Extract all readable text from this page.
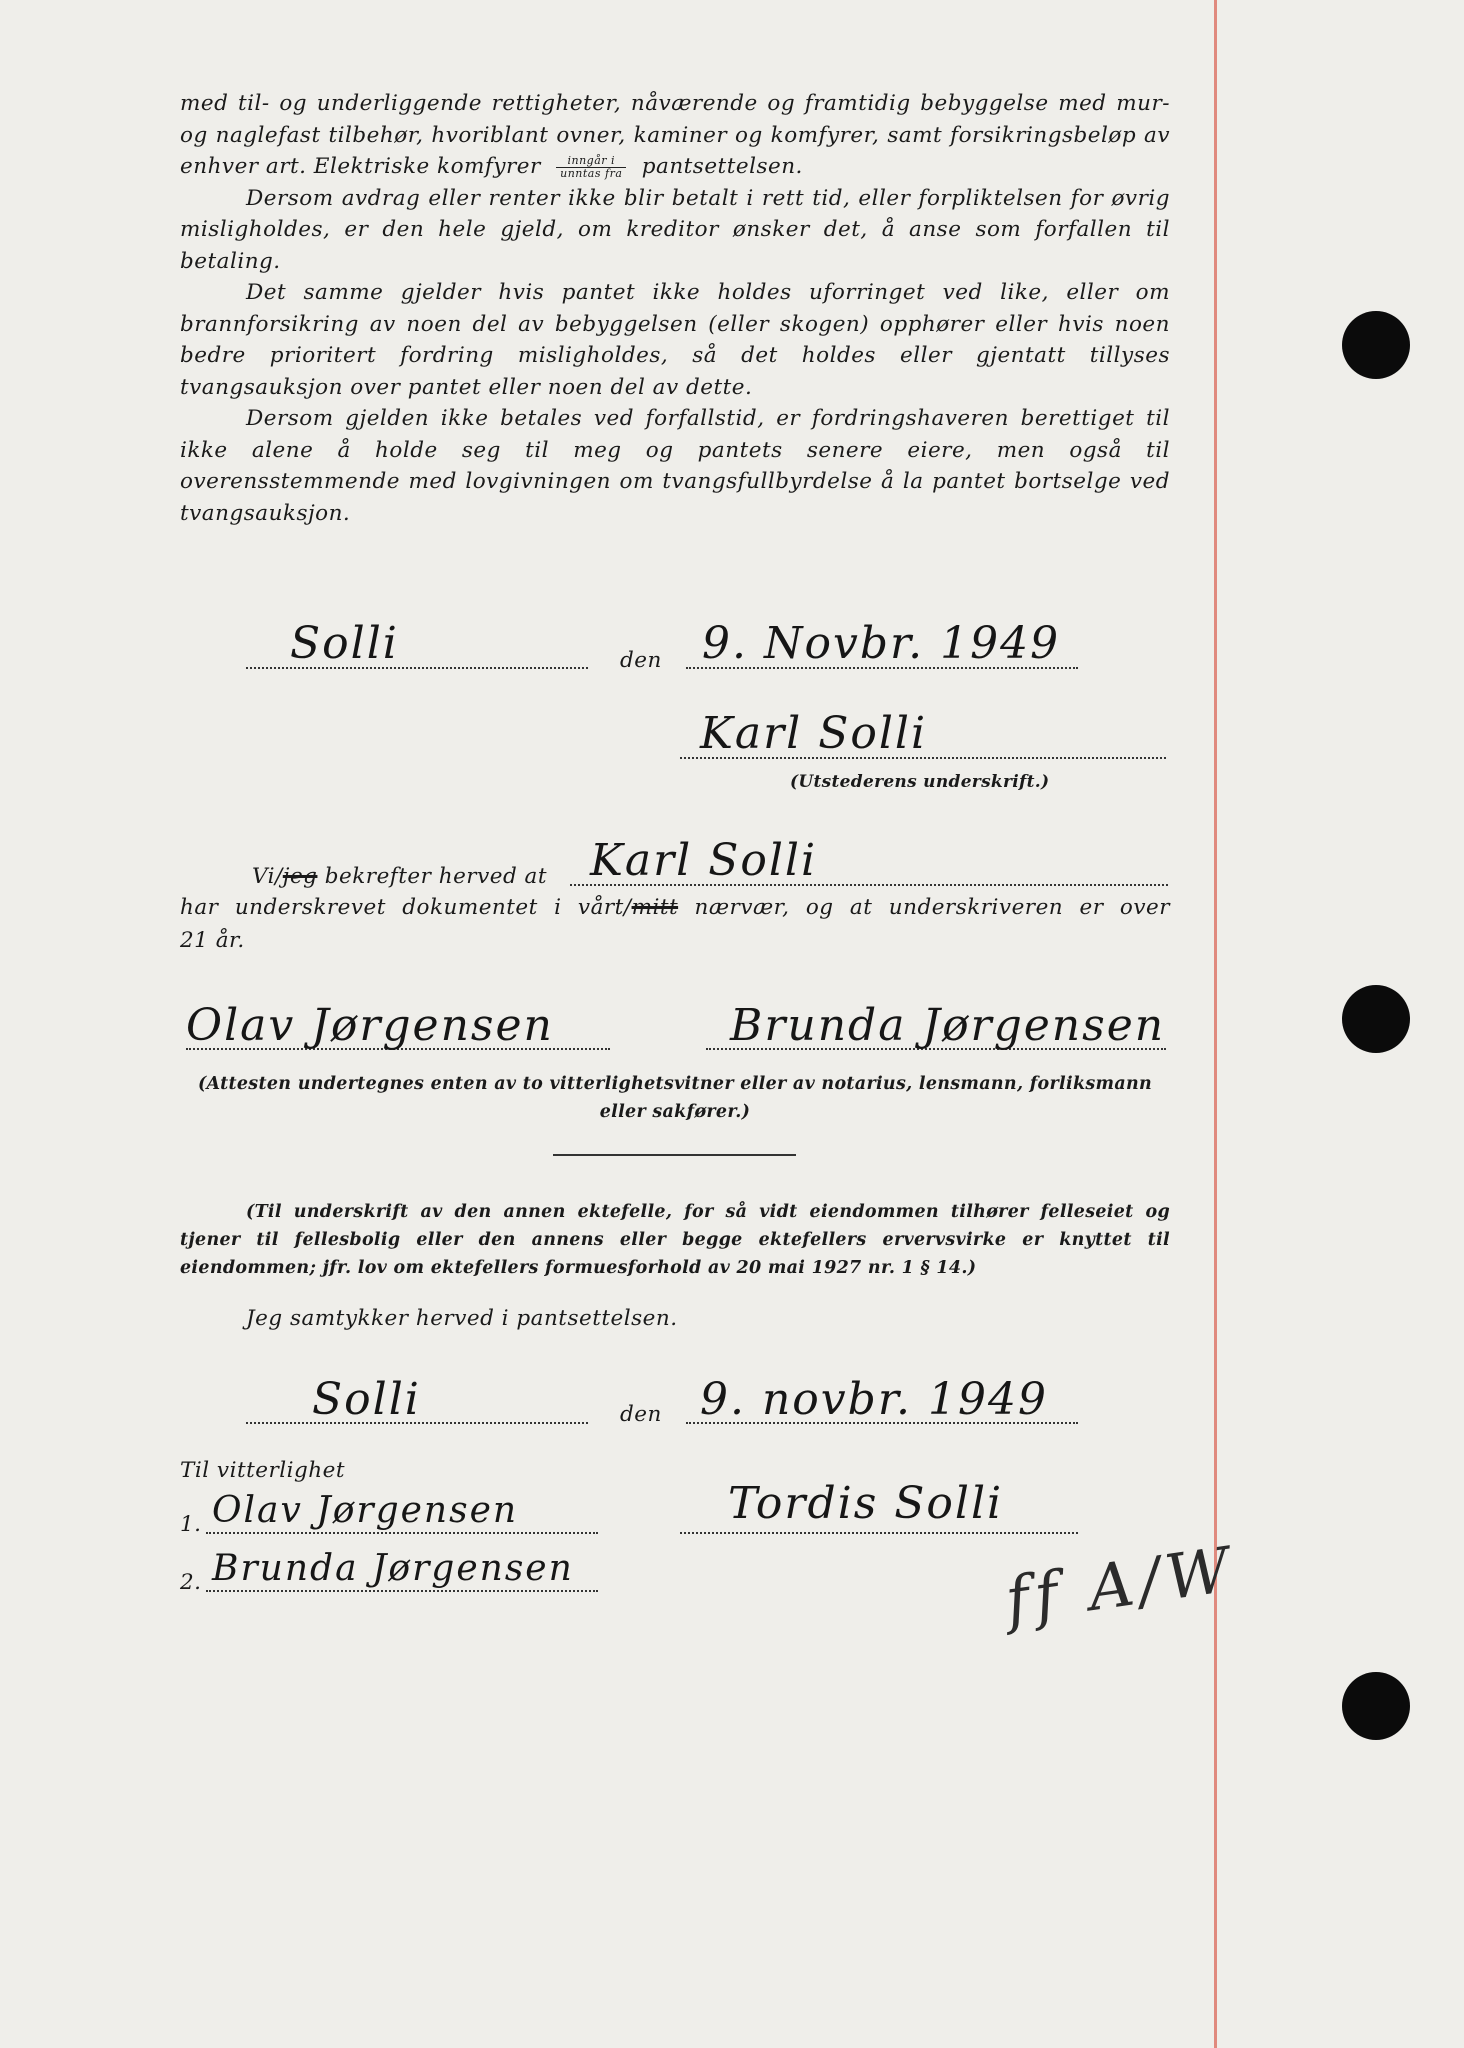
med til- og underliggende rettigheter, nåværende og framtidig bebyggelse med mur- og naglefast tilbehør, hvoriblant ovner, kaminer og komfyrer, samt forsikringsbeløp av enhver art. Elektriske komfyrer $\frac{\text{inngår i}}{\text{unntas fra}}$ pantsettelsen.

Dersom avdrag eller renter ikke blir betalt i rett tid, eller forpliktelsen for øvrig misligholdes, er den hele gjeld, om kreditor ønsker det, å anse som forfallen til betaling.

Det samme gjelder hvis pantet ikke holdes uforringet ved like, eller om brannforsikring av noen del av bebyggelsen (eller skogen) opphører eller hvis noen bedre prioritert fordring misligholdes, så det holdes eller gjentatt tillyses tvangsauksjon over pantet eller noen del av dette.

Dersom gjelden ikke betales ved forfallstid, er fordringshaveren berettiget til ikke alene å holde seg til meg og pantets senere eiere, men også til overensstemmende med lovgivningen om tvangsfullbyrdelse å la pantet bortselge ved tvangsauksjon.

Solli	den 9. Novbr. 1949
Karl Solli
(Utstederens underskrift.)
Vi/jeg bekrefter herved at Karl Solli
har underskrevet dokumentet i vårt/mitt nærvær, og at underskriveren er over
21 år.
Olav Jørgensen	Brunda Jørgensen
(Attesten undertegnes enten av to vitterlighetsvitner eller av notarius, lensmann, forliksmann
eller sakfører.)
(Til underskrift av den annen ektefelle, for så vidt eiendommen tilhører felleseiet og tjener til fellesbolig eller den annens eller begge ektefellers ervervsvirke er knyttet til eiendommen; jfr. lov om ektefellers formuesforhold av 20 mai 1927 nr. 1 § 14.)
Jeg samtykker herved i pantsettelsen.
Solli	den 9. novbr. 1949
Til vitterlighet
1. Olav Jørgensen
2. Brunda Jørgensen
Tordis Solli
ff A/W
